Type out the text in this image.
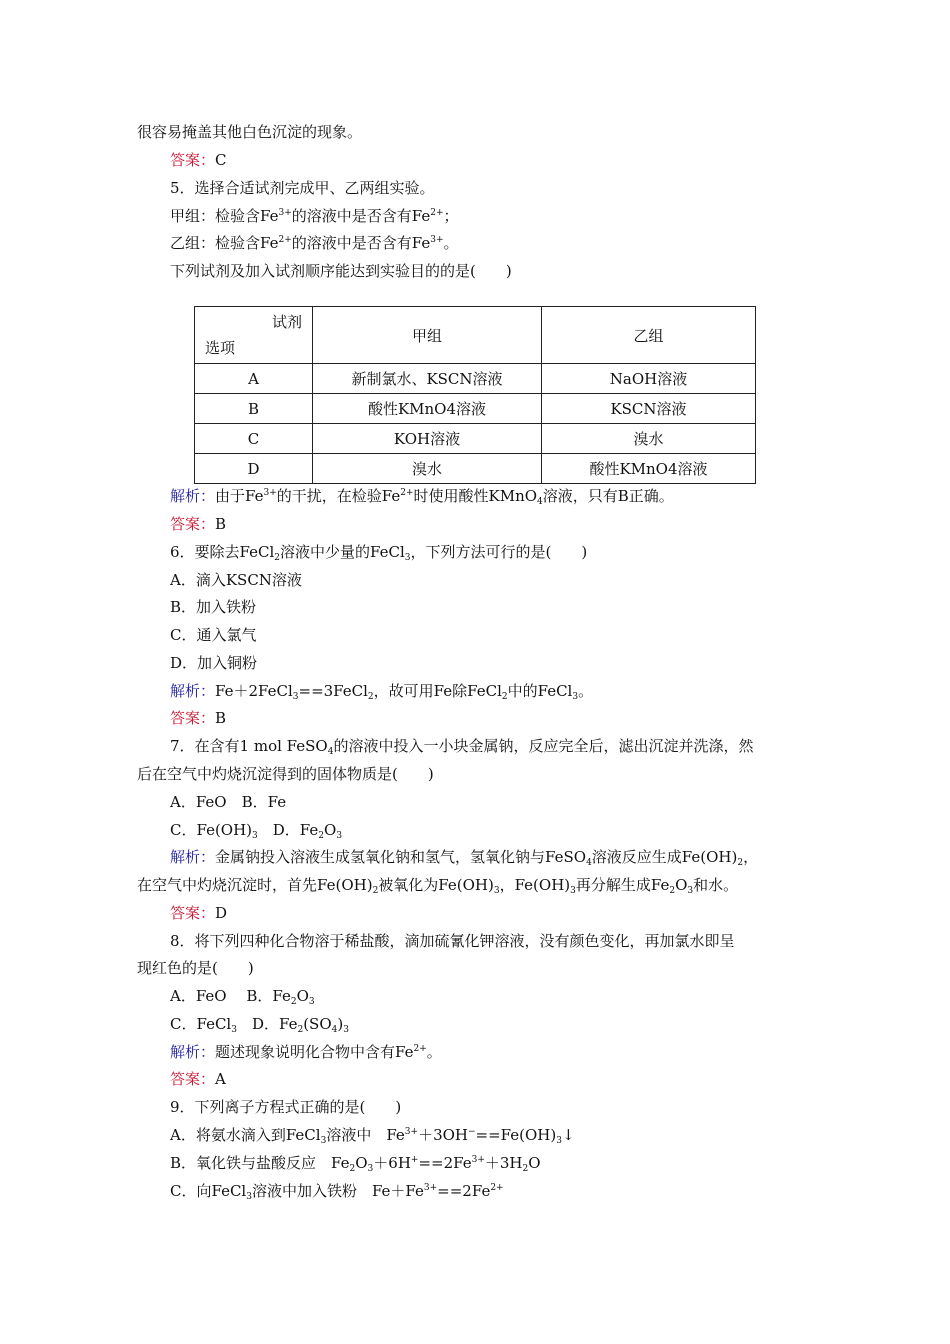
很容易掩盖其他白色沉淀的现象。
答案：C
5．选择合适试剂完成甲、乙两组实验。
甲组：检验含$Fe^{3+}$的溶液中是否含有$Fe^{2+}$；
乙组：检验含$Fe^{2+}$的溶液中是否含有$Fe^{3+}$。
下列试剂及加入试剂顺序能达到实验目的的是(　　)
试剂
选项	甲组	乙组
A	新制氯水、KSCN溶液	NaOH溶液
B	酸性KMnO4溶液	KSCN溶液
C	KOH溶液	溴水
D	溴水	酸性KMnO4溶液
解析：由于$Fe^{3+}$的干扰，在检验$Fe^{2+}$时使用酸性KMnO$_4$溶液，只有B正确。
答案：B
6．要除去FeCl$_2$溶液中少量的FeCl$_3$，下列方法可行的是(　　)
A．滴入KSCN溶液
B．加入铁粉
C．通入氯气
D．加入铜粉
解析：Fe＋2FeCl$_3$==3FeCl$_2$，故可用Fe除FeCl$_2$中的FeCl$_3$。
答案：B
7．在含有1 mol FeSO$_4$的溶液中投入一小块金属钠，反应完全后，滤出沉淀并洗涤，然
后在空气中灼烧沉淀得到的固体物质是(　　)
A．FeO　B．Fe
C．$Fe(OH)_3$　D．$Fe_2O_3$
解析：金属钠投入溶液生成氢氧化钠和氢气，氢氧化钠与FeSO$_4$溶液反应生成$Fe(OH)_2$，
在空气中灼烧沉淀时，首先$Fe(OH)_2$被氧化为$Fe(OH)_3$，$Fe(OH)_3$再分解生成$Fe_2O_3$和水。
答案：D
8．将下列四种化合物溶于稀盐酸，滴加硫氰化钾溶液，没有颜色变化，再加氯水即呈
现红色的是(　　)
A．FeO　 B．$Fe_2O_3$
C．FeCl$_3$　D．$Fe_2(SO_4)_3$
解析：题述现象说明化合物中含有$Fe^{2+}$。
答案：A
9．下列离子方程式正确的是(　　)
A．将氨水滴入到FeCl$_3$溶液中　$Fe^{3+}+3OH^-==Fe(OH)_3↓$
B．氧化铁与盐酸反应　$Fe_2O_3+6H^+==2Fe^{3+}+3H_2O$
C．向FeCl$_3$溶液中加入铁粉　$Fe+Fe^{3+}==2Fe^{2+}$
